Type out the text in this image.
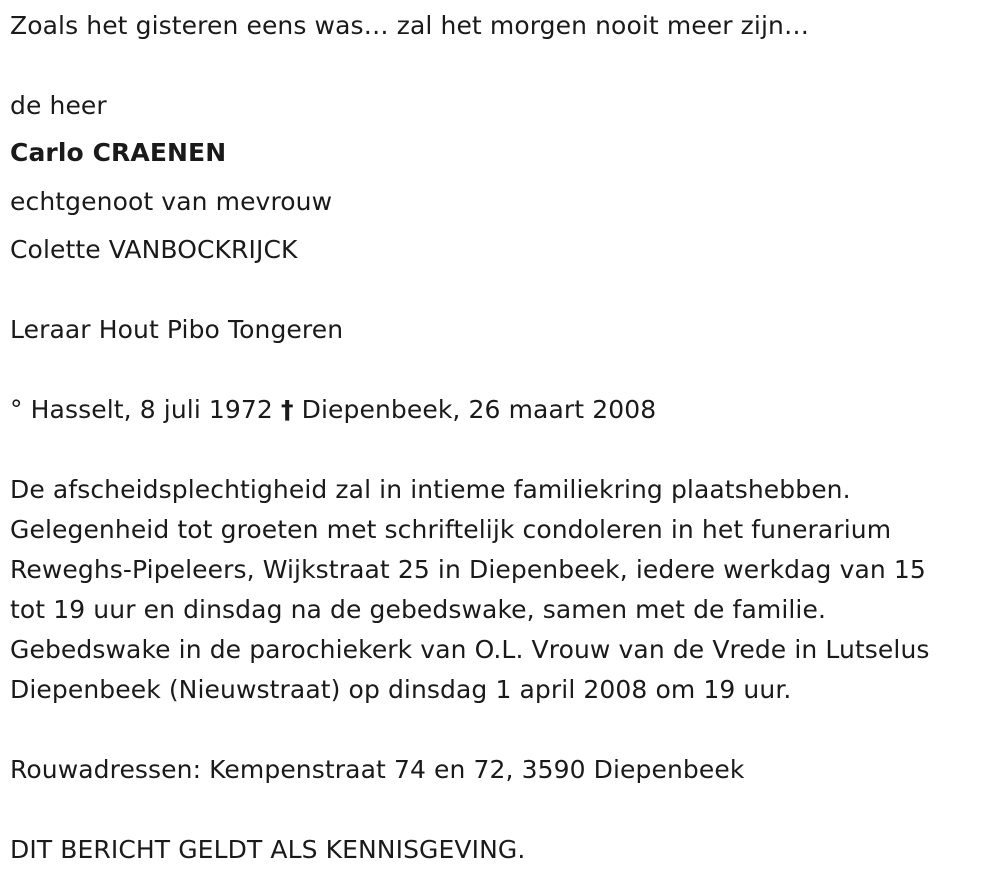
Zoals het gisteren eens was… zal het morgen nooit meer zijn…
de heer
Carlo CRAENEN
echtgenoot van mevrouw
Colette VANBOCKRIJCK
Leraar Hout Pibo Tongeren
° Hasselt, 8 juli 1972 † Diepenbeek, 26 maart 2008
De afscheidsplechtigheid zal in intieme familiekring plaatshebben.
Gelegenheid tot groeten met schriftelijk condoleren in het funerarium
Reweghs-Pipeleers, Wijkstraat 25 in Diepenbeek, iedere werkdag van 15
tot 19 uur en dinsdag na de gebedswake, samen met de familie.
Gebedswake in de parochiekerk van O.L. Vrouw van de Vrede in Lutselus
Diepenbeek (Nieuwstraat) op dinsdag 1 april 2008 om 19 uur.
Rouwadressen: Kempenstraat 74 en 72, 3590 Diepenbeek
DIT BERICHT GELDT ALS KENNISGEVING.
